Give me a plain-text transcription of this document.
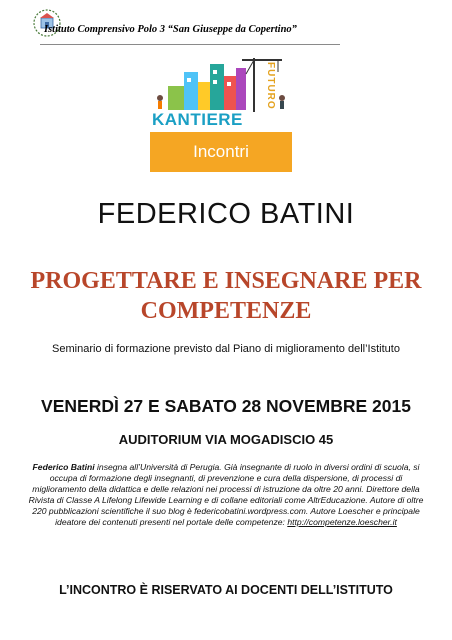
Istituto Comprensivo Polo 3 “San Giuseppe da Copertino”
KANTIERE
FUTURO
Incontri
FEDERICO BATINI
PROGETTARE E INSEGNARE PER
COMPETENZE
Seminario di formazione previsto dal Piano di miglioramento dell’Istituto
VENERDÌ 27 E SABATO 28 NOVEMBRE 2015
AUDITORIUM VIA MOGADISCIO 45
Federico Batini insegna all’Università di Perugia. Già insegnante di ruolo in diversi ordini di scuola, si occupa di formazione degli insegnanti, di prevenzione e cura della dispersione, di processi di miglioramento della didattica e delle relazioni nei processi di istruzione da oltre 20 anni. Direttore della Rivista di Classe A Lifelong Lifewide Learning e di collane editoriali come AltrEducazione. Autore di oltre 220 pubblicazioni scientifiche il suo blog è federicobatini.wordpress.com. Autore Loescher e principale ideatore dei contenuti presenti nel portale delle competenze: http://competenze.loescher.it
L’INCONTRO È RISERVATO AI DOCENTI DELL’ISTITUTO
